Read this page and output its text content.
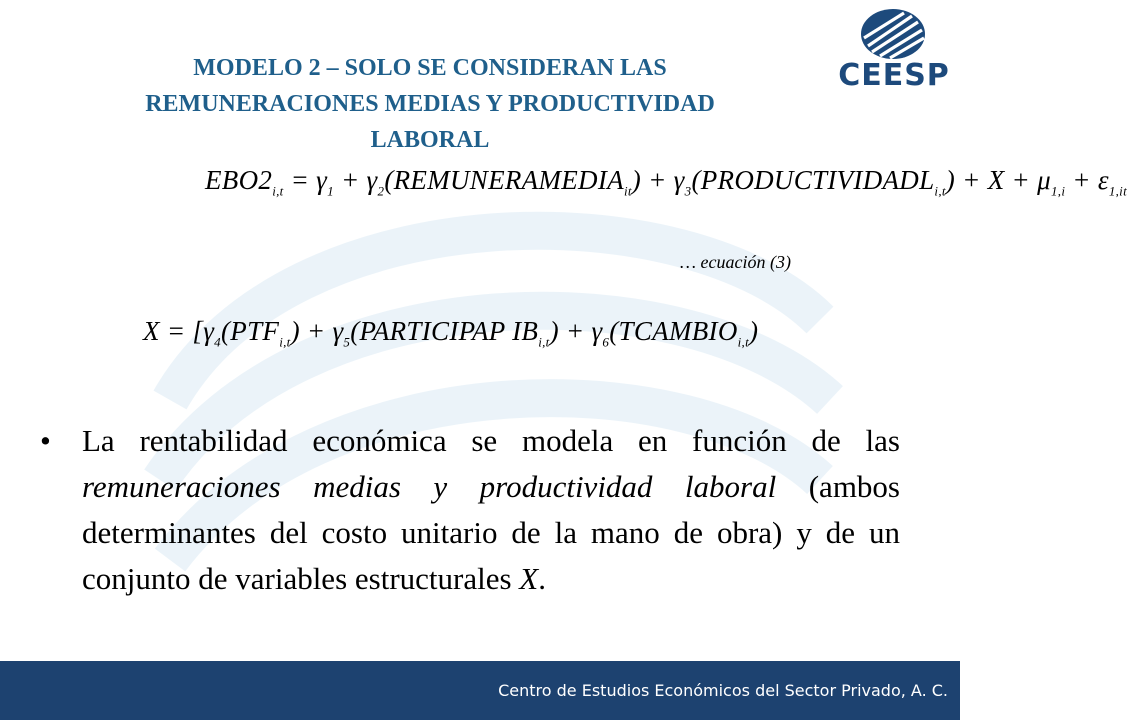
CEESP
MODELO 2 – SOLO SE CONSIDERAN LAS
REMUNERACIONES MEDIAS Y PRODUCTIVIDAD
LABORAL
$EBO2_{i,t} = \gamma_1$ + $\gamma_2(REMUNERAMEDIA_{it})$ + $\gamma_3(PRODUCTIVIDADL_{i,t}) + X + \mu_{1,i} + \varepsilon_{1,it}$
… ecuación (3)
$X = [\gamma_4(PTF_{i,t})$ + $\gamma_5(PARTICIPAP$ $IB_{i,t}$) + $\gamma_6(TCAMBIO_{i,t})$
• La rentabilidad económica se modela en función de las remuneraciones medias y productividad laboral (ambos determinantes del costo unitario de la mano de obra) y de un conjunto de variables estructurales X.
Centro de Estudios Económicos del Sector Privado, A. C.
